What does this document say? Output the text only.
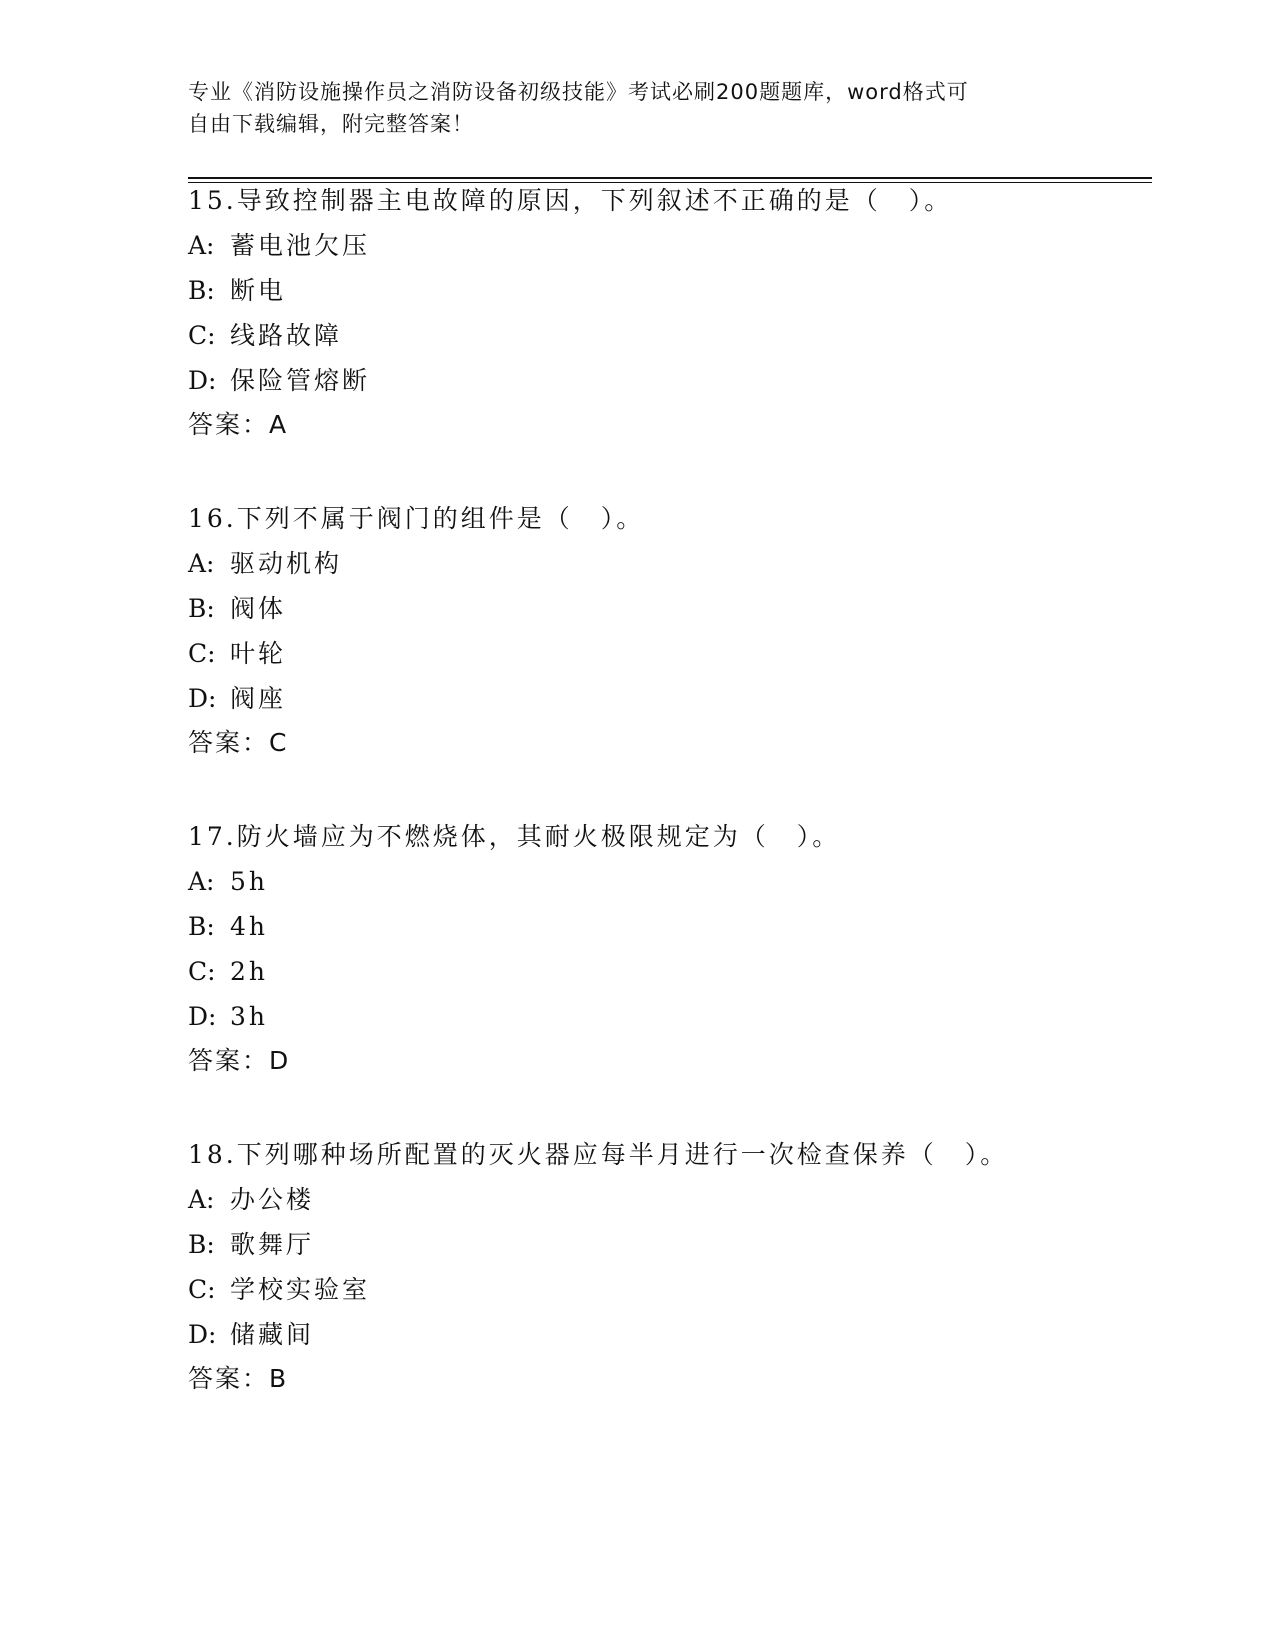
专业《消防设施操作员之消防设备初级技能》考试必刷200题题库，word格式可
自由下载编辑，附完整答案！
15.导致控制器主电故障的原因，下列叙述不正确的是（　）。
A: 蓄电池欠压
B: 断电
C: 线路故障
D: 保险管熔断
答案：A
16.下列不属于阀门的组件是（　）。
A: 驱动机构
B: 阀体
C: 叶轮
D: 阀座
答案：C
17.防火墙应为不燃烧体，其耐火极限规定为（　）。
A: 5h
B: 4h
C: 2h
D: 3h
答案：D
18.下列哪种场所配置的灭火器应每半月进行一次检查保养（　）。
A: 办公楼
B: 歌舞厅
C: 学校实验室
D: 储藏间
答案：B
